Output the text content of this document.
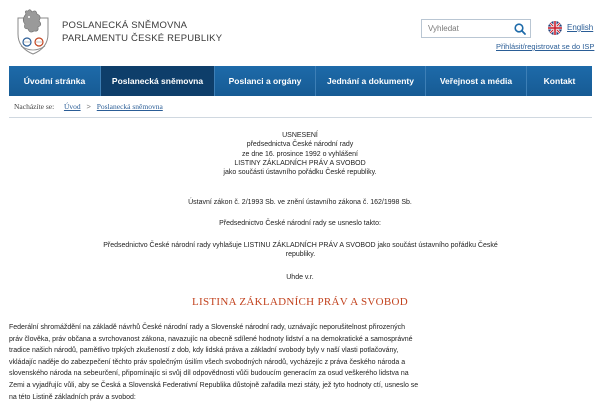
POSLANECKÁ SNĚMOVNA
PARLAMENTU ČESKÉ REPUBLIKY
Vyhledat
English
Přihlásit/registrovat se do ISP
Úvodní stránka	Poslanecká sněmovna	Poslanci a orgány	Jednání a dokumenty	Veřejnost a média	Kontakt
Nacházíte se: Úvod > Poslanecká sněmovna
USNESENÍ
předsednictva České národní rady
ze dne 16. prosince 1992 o vyhlášení
LISTINY ZÁKLADNÍCH PRÁV A SVOBOD
jako součásti ústavního pořádku České republiky.
Ústavní zákon č. 2/1993 Sb. ve znění ústavního zákona č. 162/1998 Sb.
Předsednictvo České národní rady se usneslo takto:
Předsednictvo České národní rady vyhlašuje LISTINU ZÁKLADNÍCH PRÁV A SVOBOD jako součást ústavního pořádku České
republiky.
Uhde v.r.
LISTINA ZÁKLADNÍCH PRÁV A SVOBOD
Federální shromáždění na základě návrhů České národní rady a Slovenské národní rady, uznávajíc neporušitelnost přirozených
práv člověka, práv občana a svrchovanost zákona, navazujíc na obecně sdílené hodnoty lidství a na demokratické a samosprávné
tradice našich národů, pamětlivo trpkých zkušeností z dob, kdy lidská práva a základní svobody byly v naší vlasti potlačovány,
vkládajíc naděje do zabezpečení těchto práv společným úsilím všech svobodných národů, vycházejíc z práva českého národa a
slovenského národa na sebeurčení, připomínajíc si svůj díl odpovědnosti vůči budoucím generacím za osud veškerého lidstva na
Zemi a vyjadřujíc vůli, aby se Česká a Slovenská Federativní Republika důstojně zařadila mezi státy, jež tyto hodnoty ctí, usneslo se
na této Listině základních práv a svobod:
